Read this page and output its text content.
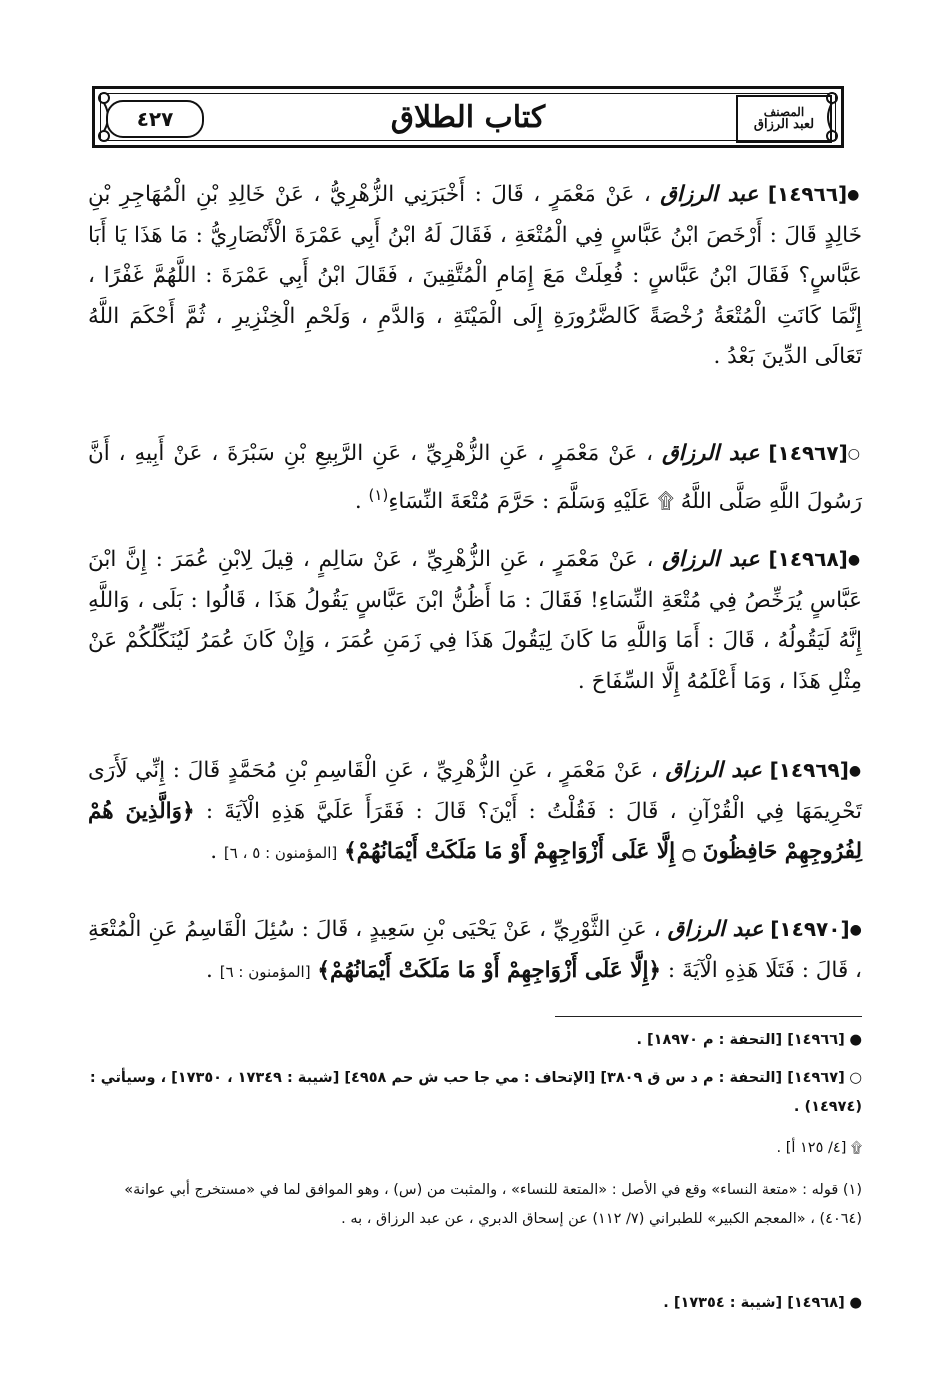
٤٢٧	كتاب الطلاق	المصنف
لعبد الرزاق
●[١٤٩٦٦] عبد الرزاق ، عَنْ مَعْمَرٍ ، قَالَ : أَخْبَرَنِي الزُّهْرِيُّ ، عَنْ خَالِدِ بْنِ الْمُهَاجِرِ بْنِ خَالِدٍ قَالَ : أَرْخَصَ ابْنُ عَبَّاسٍ فِي الْمُتْعَةِ ، فَقَالَ لَهُ ابْنُ أَبِي عَمْرَةَ الْأَنْصَارِيُّ : مَا هَذَا يَا أَبَا عَبَّاسٍ؟ فَقَالَ ابْنُ عَبَّاسٍ : فُعِلَتْ مَعَ إِمَامِ الْمُتَّقِينَ ، فَقَالَ ابْنُ أَبِي عَمْرَةَ : اللَّهُمَّ غَفْرًا ، إِنَّمَا كَانَتِ الْمُتْعَةُ رُخْصَةً كَالضَّرُورَةِ إِلَى الْمَيْتَةِ ، وَالدَّمِ ، وَلَحْمِ الْخِنْزِيرِ ، ثُمَّ أَحْكَمَ اللَّهُ تَعَالَى الدِّينَ بَعْدُ .
○[١٤٩٦٧] عبد الرزاق ، عَنْ مَعْمَرٍ ، عَنِ الزُّهْرِيِّ ، عَنِ الرَّبِيعِ بْنِ سَبْرَةَ ، عَنْ أَبِيهِ ، أَنَّ رَسُولَ اللَّهِ صَلَّى اللَّهُ ۩ عَلَيْهِ وَسَلَّمَ : حَرَّمَ مُتْعَةَ النِّسَاءِ$^{(١)}$ .
●[١٤٩٦٨] عبد الرزاق ، عَنْ مَعْمَرٍ ، عَنِ الزُّهْرِيِّ ، عَنْ سَالِمٍ ، قِيلَ لِابْنِ عُمَرَ : إِنَّ ابْنَ عَبَّاسٍ يُرَخِّصُ فِي مُتْعَةِ النِّسَاءِ! فَقَالَ : مَا أَظُنُّ ابْنَ عَبَّاسٍ يَقُولُ هَذَا ، قَالُوا : بَلَى ، وَاللَّهِ إِنَّهُ لَيَقُولُهُ ، قَالَ : أَمَا وَاللَّهِ مَا كَانَ لِيَقُولَ هَذَا فِي زَمَنِ عُمَرَ ، وَإِنْ كَانَ عُمَرُ لَيُنَكِّلُكُمْ عَنْ مِثْلِ هَذَا ، وَمَا أَعْلَمُهُ إِلَّا السِّفَاحَ .
●[١٤٩٦٩] عبد الرزاق ، عَنْ مَعْمَرٍ ، عَنِ الزُّهْرِيِّ ، عَنِ الْقَاسِمِ بْنِ مُحَمَّدٍ قَالَ : إِنِّي لَأَرَى تَحْرِيمَهَا فِي الْقُرْآنِ ، قَالَ : فَقُلْتُ : أَيْنَ؟ قَالَ : فَقَرَأَ عَلَيَّ هَذِهِ الْآيَةَ : ﴿وَالَّذِينَ هُمْ لِفُرُوجِهِمْ حَافِظُونَ ۝ إِلَّا عَلَى أَزْوَاجِهِمْ أَوْ مَا مَلَكَتْ أَيْمَانُهُمْ﴾ [المؤمنون : ٥ ، ٦] .
●[١٤٩٧٠] عبد الرزاق ، عَنِ الثَّوْرِيِّ ، عَنْ يَحْيَى بْنِ سَعِيدٍ ، قَالَ : سُئِلَ الْقَاسِمُ عَنِ الْمُتْعَةِ ، قَالَ : فَتَلَا هَذِهِ الْآيَةَ : ﴿إِلَّا عَلَى أَزْوَاجِهِمْ أَوْ مَا مَلَكَتْ أَيْمَانُهُمْ﴾ [المؤمنون : ٦] .
● [١٤٩٦٦] [التحفة : م ١٨٩٧٠] .
○ [١٤٩٦٧] [التحفة : م د س ق ٣٨٠٩] [الإتحاف : مي جا حب ش حم ٤٩٥٨] [شيبة : ١٧٣٤٩ ، ١٧٣٥٠] ، وسيأتي : (١٤٩٧٤) .
۩ [٤/ ١٢٥ أ] .
(١) قوله : «متعة النساء» وقع في الأصل : «المتعة للنساء» ، والمثبت من (س) ، وهو الموافق لما في «مستخرج أبي عوانة» (٤٠٦٤) ، «المعجم الكبير» للطبراني (٧/ ١١٢) عن إسحاق الدبري ، عن عبد الرزاق ، به .
● [١٤٩٦٨] [شيبة : ١٧٣٥٤] .
